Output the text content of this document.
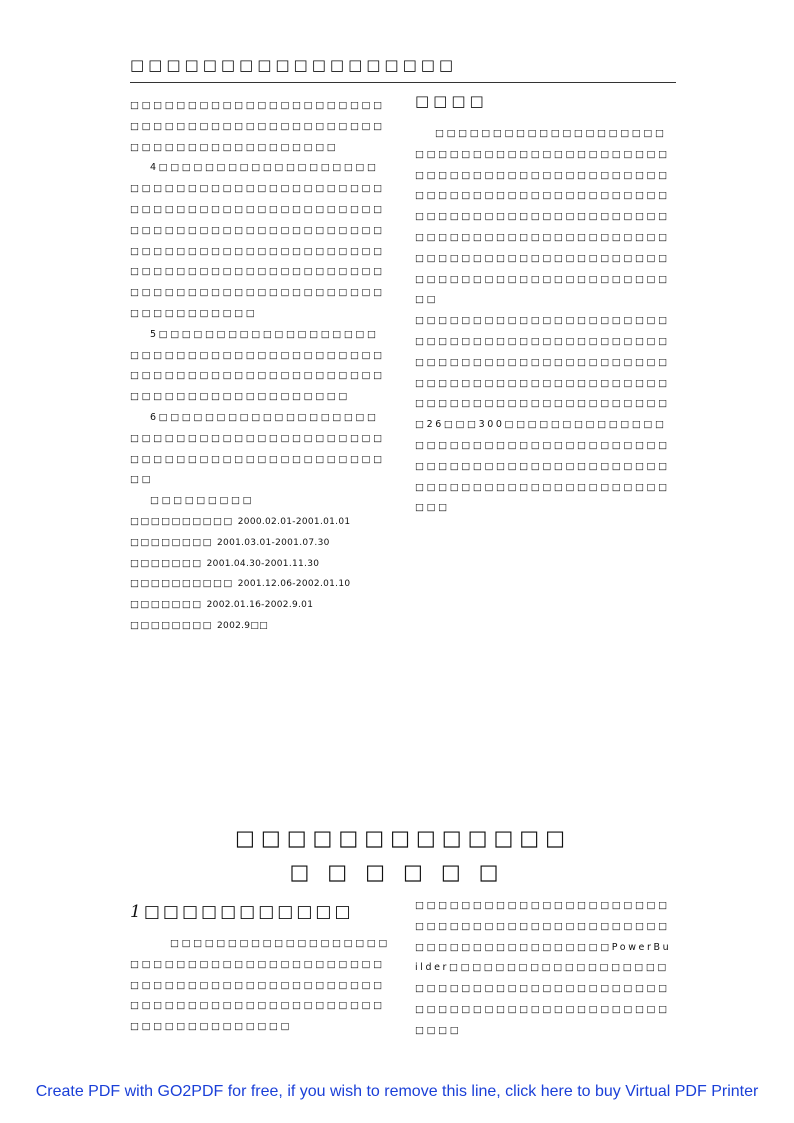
□□□□□□□□□□□□□□□□□□

□□□□□□□□□□□□□□□□□□□□□□□□□□□□□□□□□□□□□□□□□□□□□□□□□□□□□□□□□□□□□□

4□□□□□□□□□□□□□□□□□□□□□□□□□□□□□□□□□□□□□□□□□□□□□□□□□□□□□□□□□□□□□□□□□□□□□□□□□□□□□□□□□□□□□□□□□□□□□□□□□□□□□□□□□□□□□□□□□□□□□□□□□□□□□□□□□□□□□□□□□□□□□□□□□□□□□□□□□□□□□□□□□□

5□□□□□□□□□□□□□□□□□□□□□□□□□□□□□□□□□□□□□□□□□□□□□□□□□□□□□□□□□□□□□□□□□□□□□□□□□□□□□□□□□□

6□□□□□□□□□□□□□□□□□□□□□□□□□□□□□□□□□□□□□□□□□□□□□□□□□□□□□□□□□□□□□□□□□

□□□□□□□□□

□□□□□□□□□□ 2000.02.01-2001.01.01

□□□□□□□□ 2001.03.01-2001.07.30

□□□□□□□ 2001.04.30-2001.11.30

□□□□□□□□□□ 2001.12.06-2002.01.10

□□□□□□□ 2002.01.16-2002.9.01

□□□□□□□□ 2002.9□□

□□□□

□□□□□□□□□□□□□□□□□□□□□□□□□□□□□□□□□□□□□□□□□□□□□□□□□□□□□□□□□□□□□□□□□□□□□□□□□□□□□□□□□□□□□□□□□□□□□□□□□□□□□□□□□□□□□□□□□□□□□□□□□□□□□□□□□□□□□□□□□□□□□□□□□□□□□□□□□□□□□□□□□□□□□□□□□□□□□□□□

□□□□□□□□□□□□□□□□□□□□□□□□□□□□□□□□□□□□□□□□□□□□□□□□□□□□□□□□□□□□□□□□□□□□□□□□□□□□□□□□□□□□□□□□□□□□□□□□□□□□□□□□□□□□□□□26□□□300□□□□□□□□□□□□□□□□□□□□□□□□□□□□□□□□□□□□□□□□□□□□□□□□□□□□□□□□□□□□□□□□□□□□□□□□□□□□□□□□□□□

□□□□□□□□□□□□□
□□□□□□
1□□□□□□□□□□□

□□□□□□□□□□□□□□□□□□□□□□□□□□□□□□□□□□□□□□□□□□□□□□□□□□□□□□□□□□□□□□□□□□□□□□□□□□□□□□□□□□□□□□□□□□□□□□□□□□□

□□□□□□□□□□□□□□□□□□□□□□□□□□□□□□□□□□□□□□□□□□□□□□□□□□□□□□□□□□□□□PowerBuilder□□□□□□□□□□□□□□□□□□□□□□□□□□□□□□□□□□□□□□□□□□□□□□□□□□□□□□□□□□□□□□□□□□□

Create PDF with GO2PDF for free, if you wish to remove this line, click here to buy Virtual PDF Printer
